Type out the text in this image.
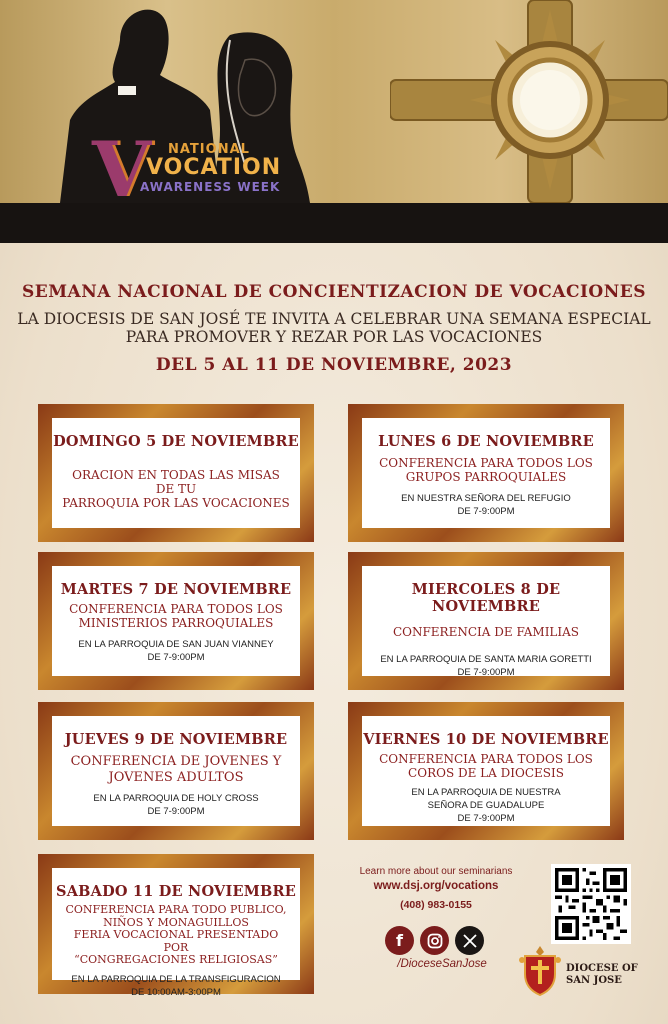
V NATIONAL
VOCATION
AWARENESS WEEK
SEMANA NACIONAL DE CONCIENTIZACION DE VOCACIONES
LA DIOCESIS DE SAN JOSÉ TE INVITA A CELEBRAR UNA SEMANA ESPECIAL
PARA PROMOVER Y REZAR POR LAS VOCACIONES
DEL 5 AL 11 DE NOVIEMBRE, 2023
DOMINGO 5 DE NOVIEMBRE
ORACION EN TODAS LAS MISAS DE TU
PARROQUIA POR LAS VOCACIONES
LUNES 6 DE NOVIEMBRE
CONFERENCIA PARA TODOS LOS
GRUPOS PARROQUIALES
EN NUESTRA SEÑORA DEL REFUGIO
DE 7-9:00PM
MARTES 7 DE NOVIEMBRE
CONFERENCIA PARA TODOS LOS
MINISTERIOS PARROQUIALES
EN LA PARROQUIA DE SAN JUAN VIANNEY
DE 7-9:00PM
MIERCOLES 8 DE NOVIEMBRE
CONFERENCIA DE FAMILIAS
EN LA PARROQUIA DE SANTA MARIA GORETTI
DE 7-9:00PM
JUEVES 9 DE NOVIEMBRE
CONFERENCIA DE JOVENES Y
JOVENES ADULTOS
EN LA PARROQUIA DE HOLY CROSS
DE 7-9:00PM
VIERNES 10 DE NOVIEMBRE
CONFERENCIA PARA TODOS LOS
COROS DE LA DIOCESIS
EN LA PARROQUIA DE NUESTRA
SEÑORA DE GUADALUPE
DE 7-9:00PM
SABADO 11 DE NOVIEMBRE
CONFERENCIA PARA TODO PUBLICO,
NIÑOS Y MONAGUILLOS
FERIA VOCACIONAL PRESENTADO POR
“CONGREGACIONES RELIGIOSAS”
EN LA PARROQUIA DE LA TRANSFIGURACION
DE 10:00AM-3:00PM
Learn more about our seminarians
www.dsj.org/vocations
(408) 983-0155
f
/DioceseSanJose	DIOCESE OF
SAN JOSE
